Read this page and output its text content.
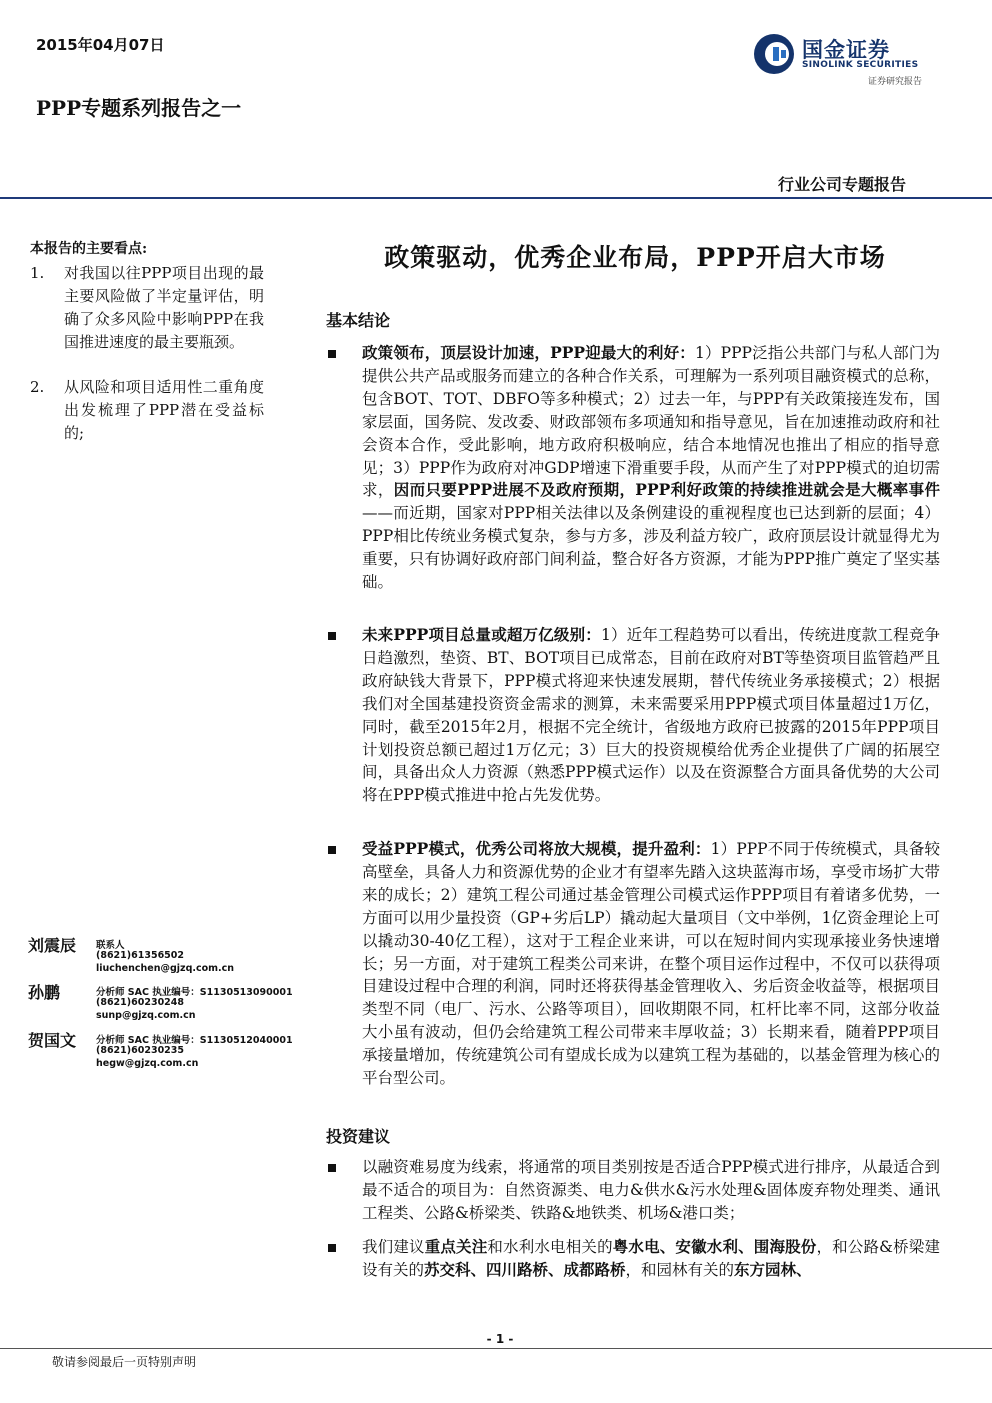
2015年04月07日
PPP专题系列报告之一
国金证券
SINOLINK SECURITIES
证券研究报告
行业公司专题报告
本报告的主要看点:
1. 对我国以往PPP项目出现的最主要风险做了半定量评估，明确了众多风险中影响PPP在我国推进速度的最主要瓶颈。
2. 从风险和项目适用性二重角度出发梳理了PPP潜在受益标的;
刘震辰 联系人
(8621)61356502
liuchenchen@gjzq.com.cn
孙鹏	分析师 SAC 执业编号：S1130513090001
(8621)60230248
sunp@gjzq.com.cn
贺国文 分析师 SAC 执业编号：S1130512040001
(8621)60230235
hegw@gjzq.com.cn
政策驱动，优秀企业布局，PPP开启大市场
基本结论
政策领布，顶层设计加速，PPP迎最大的利好：1）PPP泛指公共部门与私人部门为提供公共产品或服务而建立的各种合作关系，可理解为一系列项目融资模式的总称，包含BOT、TOT、DBFO等多种模式；2）过去一年，与PPP有关政策接连发布，国家层面，国务院、发改委、财政部领布多项通知和指导意见，旨在加速推动政府和社会资本合作，受此影响，地方政府积极响应，结合本地情况也推出了相应的指导意见；3）PPP作为政府对冲GDP增速下滑重要手段，从而产生了对PPP模式的迫切需求，因而只要PPP进展不及政府预期，PPP利好政策的持续推进就会是大概率事件——而近期，国家对PPP相关法律以及条例建设的重视程度也已达到新的层面；4）PPP相比传统业务模式复杂，参与方多，涉及利益方较广，政府顶层设计就显得尤为重要，只有协调好政府部门间利益，整合好各方资源，才能为PPP推广奠定了坚实基础。
未来PPP项目总量或超万亿级别：1）近年工程趋势可以看出，传统进度款工程竞争日趋激烈，垫资、BT、BOT项目已成常态，目前在政府对BT等垫资项目监管趋严且政府缺钱大背景下，PPP模式将迎来快速发展期，替代传统业务承接模式；2）根据我们对全国基建投资资金需求的测算，未来需要采用PPP模式项目体量超过1万亿，同时，截至2015年2月，根据不完全统计，省级地方政府已披露的2015年PPP项目计划投资总额已超过1万亿元；3）巨大的投资规模给优秀企业提供了广阔的拓展空间，具备出众人力资源（熟悉PPP模式运作）以及在资源整合方面具备优势的大公司将在PPP模式推进中抢占先发优势。
受益PPP模式，优秀公司将放大规模，提升盈利：1）PPP不同于传统模式，具备较高壁垒，具备人力和资源优势的企业才有望率先踏入这块蓝海市场，享受市场扩大带来的成长；2）建筑工程公司通过基金管理公司模式运作PPP项目有着诸多优势，一方面可以用少量投资（GP+劣后LP）撬动起大量项目（文中举例，1亿资金理论上可以撬动30-40亿工程），这对于工程企业来讲，可以在短时间内实现承接业务快速增长；另一方面，对于建筑工程类公司来讲，在整个项目运作过程中，不仅可以获得项目建设过程中合理的利润，同时还将获得基金管理收入、劣后资金收益等，根据项目类型不同（电厂、污水、公路等项目），回收期限不同，杠杆比率不同，这部分收益大小虽有波动，但仍会给建筑工程公司带来丰厚收益；3）长期来看，随着PPP项目承接量增加，传统建筑公司有望成长成为以建筑工程为基础的，以基金管理为核心的平台型公司。
投资建议
以融资难易度为线索，将通常的项目类别按是否适合PPP模式进行排序，从最适合到最不适合的项目为：自然资源类、电力&供水&污水处理&固体废弃物处理类、通讯工程类、公路&桥梁类、铁路&地铁类、机场&港口类；
我们建议重点关注和水利水电相关的粤水电、安徽水利、围海股份，和公路&桥梁建设有关的苏交科、四川路桥、成都路桥，和园林有关的东方园林、
- 1 -
敬请参阅最后一页特别声明
